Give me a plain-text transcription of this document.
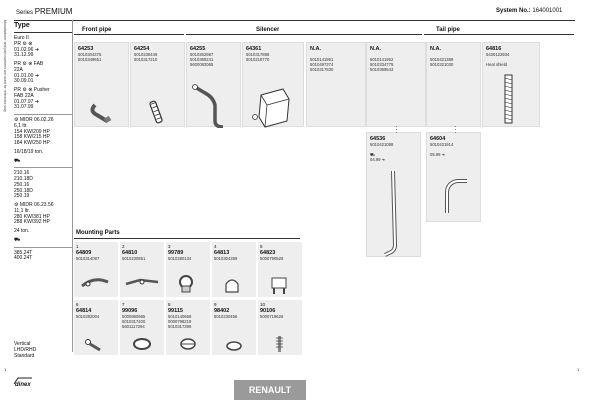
Series PREMIUM	System No.: 164001001
Manufacturer and part numbers are used for reference only Type

Euro II

PR ⚙ ⊗

01.02.96 ➜

31.12.99

PR ⚙ ⊗ FAB

22A

01.01.00 ➜

30.09.01

PR ⚙ ⊗ Pusher

FAB 22A

01.07.97 ➜

31.07.99

⚙ MIDR 06.02.26

6,1 ltr.

154 KW/209 HP

158 KW/215 HP

184 KW/250 HP

16/18/19 ton.

⛟

210.16

210.18D

250.16

250.18D

250.19

⚙ MIDR 06.23.56

11,1 ltr.

280 KW/381 HP

288 KW/392 HP

24 ton.

⛟

385.24T

400.24T

Front pipe	Silencer	Tail pipe
64253
5010304375
5010349651
64254
5010238449
5010317210
64255
5010262987
5010369241
5600083065
64361
5010317888
5010218770
N.A.
5010141951
5010497374
5010317830
N.A.
5010141952
5010334779
5010369543
N.A.
5010421389
5010321030
64816
5430122934
Heat shield
64536
5010421088
⛟
04.99 ➜
64604
5010421914
05.99 ➜
Mounting Parts
1
64809
5010314097
2
64810
5010230851
3
99789
5010280134
4
64813
5010304399
5
64823
5000790529
6
64814
5010282004
7
99096
5000860965
5010317400
5601117294
8
99115
5010140669
0000798219
5010317399
9
98402
5010230456
10
90106
5000719626

Vertical

LHD/RHD

Standard

dinex	RENAULT
1	1
